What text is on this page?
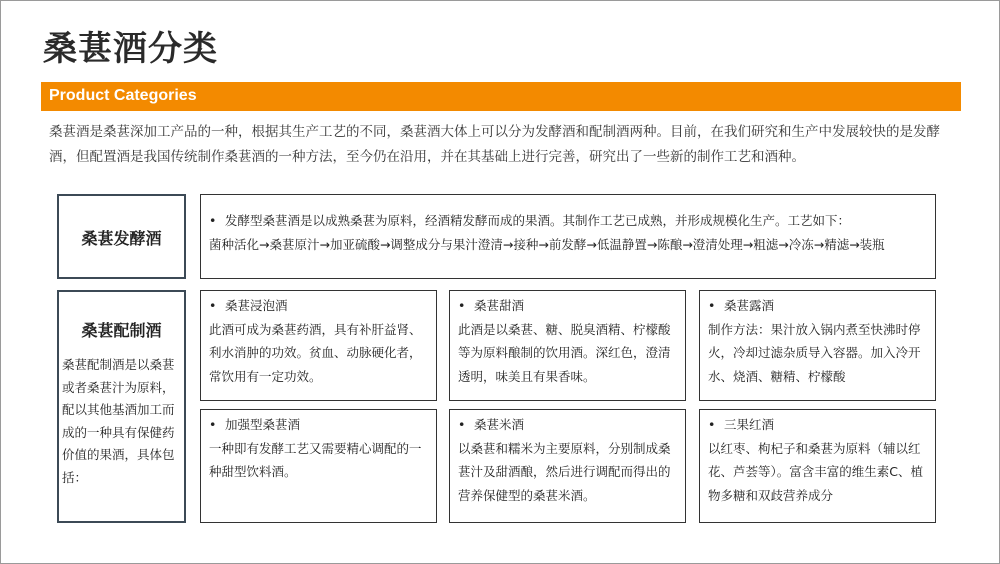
桑葚酒分类
Product Categories
桑葚酒是桑葚深加工产品的一种，根据其生产工艺的不同，桑葚酒大体上可以分为发酵酒和配制酒两种。目前，在我们研究和生产中发展较快的是发酵酒，但配置酒是我国传统制作桑葚酒的一种方法，至今仍在沿用，并在其基础上进行完善，研究出了一些新的制作工艺和酒种。
桑葚发酵酒
• 发酵型桑葚酒是以成熟桑葚为原料，经酒精发酵而成的果酒。其制作工艺已成熟，并形成规模化生产。工艺如下：
菌种活化→桑葚原汁→加亚硫酸→调整成分与果汁澄清→接种→前发酵→低温静置→陈酿→澄清处理→粗滤→冷冻→精滤→装瓶
桑葚配制酒
桑葚配制酒是以桑葚或者桑葚汁为原料，配以其他基酒加工而成的一种具有保健药价值的果酒，具体包括：
• 桑葚浸泡酒
此酒可成为桑葚药酒，具有补肝益肾、利水消肿的功效。贫血、动脉硬化者，常饮用有一定功效。
• 桑葚甜酒
此酒是以桑葚、糖、脱臭酒精、柠檬酸等为原料酿制的饮用酒。深红色，澄清透明，味美且有果香味。
• 桑葚露酒
制作方法：果汁放入锅内煮至快沸时停火，冷却过滤杂质导入容器。加入冷开水、烧酒、糖精、柠檬酸
• 加强型桑葚酒
一种即有发酵工艺又需要精心调配的一种甜型饮料酒。
• 桑葚米酒
以桑葚和糯米为主要原料，分别制成桑葚汁及甜酒酿，然后进行调配而得出的营养保健型的桑葚米酒。
• 三果红酒
以红枣、枸杞子和桑葚为原料（辅以红花、芦荟等）。富含丰富的维生素C、植物多糖和双歧营养成分
